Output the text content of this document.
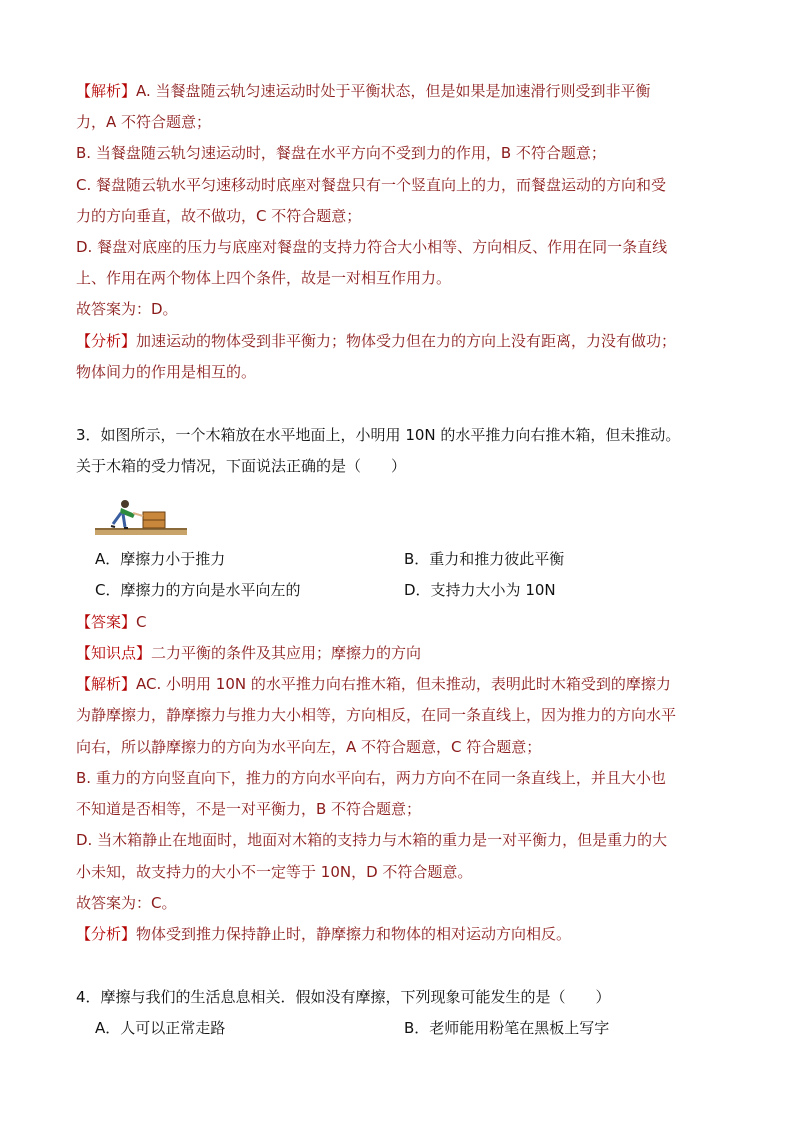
【解析】A. 当餐盘随云轨匀速运动时处于平衡状态，但是如果是加速滑行则受到非平衡
力，A 不符合题意；
B. 当餐盘随云轨匀速运动时，餐盘在水平方向不受到力的作用，B 不符合题意；
C. 餐盘随云轨水平匀速移动时底座对餐盘只有一个竖直向上的力，而餐盘运动的方向和受
力的方向垂直，故不做功，C 不符合题意；
D. 餐盘对底座的压力与底座对餐盘的支持力符合大小相等、方向相反、作用在同一条直线
上、作用在两个物体上四个条件，故是一对相互作用力。
故答案为：D。
【分析】加速运动的物体受到非平衡力；物体受力但在力的方向上没有距离，力没有做功；
物体间力的作用是相互的。
3．如图所示，一个木箱放在水平地面上，小明用 10N 的水平推力向右推木箱，但未推动。
关于木箱的受力情况，下面说法正确的是（　　）
A．摩擦力小于推力	B．重力和推力彼此平衡
C．摩擦力的方向是水平向左的	D．支持力大小为 10N
【答案】C
【知识点】二力平衡的条件及其应用；摩擦力的方向
【解析】AC. 小明用 10N 的水平推力向右推木箱，但未推动，表明此时木箱受到的摩擦力
为静摩擦力，静摩擦力与推力大小相等，方向相反，在同一条直线上，因为推力的方向水平
向右，所以静摩擦力的方向为水平向左，A 不符合题意，C 符合题意；
B. 重力的方向竖直向下，推力的方向水平向右，两力方向不在同一条直线上，并且大小也
不知道是否相等，不是一对平衡力，B 不符合题意；
D. 当木箱静止在地面时，地面对木箱的支持力与木箱的重力是一对平衡力，但是重力的大
小未知，故支持力的大小不一定等于 10N，D 不符合题意。
故答案为：C。
【分析】物体受到推力保持静止时，静摩擦力和物体的相对运动方向相反。
4．摩擦与我们的生活息息相关．假如没有摩擦，下列现象可能发生的是（　　）
A．人可以正常走路	B．老师能用粉笔在黑板上写字
